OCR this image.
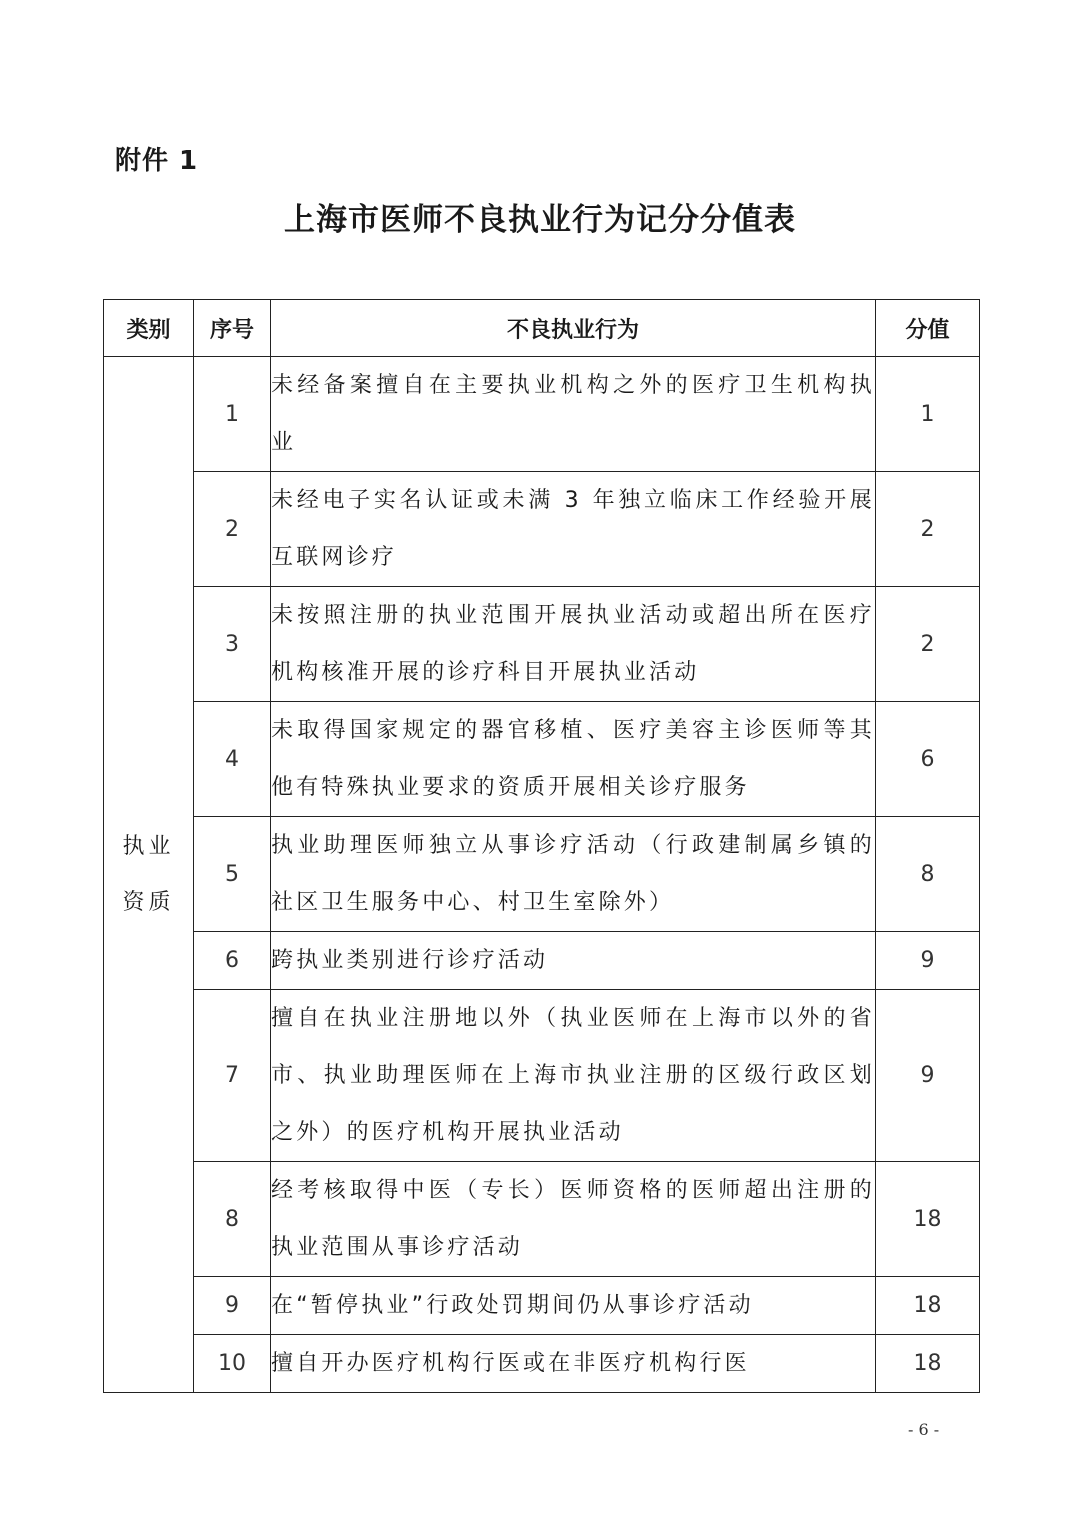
附件 1
上海市医师不良执业行为记分分值表
类别	序号	不良执业行为	分值

执业
资质	1	未经备案擅自在主要执业机构之外的医疗卫生机构执业	1
	2	未经电子实名认证或未满 3 年独立临床工作经验开展互联网诊疗	2
	3	未按照注册的执业范围开展执业活动或超出所在医疗机构核准开展的诊疗科目开展执业活动	2
	4	未取得国家规定的器官移植、医疗美容主诊医师等其他有特殊执业要求的资质开展相关诊疗服务	6
	5	执业助理医师独立从事诊疗活动（行政建制属乡镇的社区卫生服务中心、村卫生室除外）	8
	6	跨执业类别进行诊疗活动	9
	7	擅自在执业注册地以外（执业医师在上海市以外的省市、执业助理医师在上海市执业注册的区级行政区划之外）的医疗机构开展执业活动	9
	8	经考核取得中医（专长）医师资格的医师超出注册的执业范围从事诊疗活动	18
	9	在“暂停执业”行政处罚期间仍从事诊疗活动	18
	10	擅自开办医疗机构行医或在非医疗机构行医	18
- 6 -
